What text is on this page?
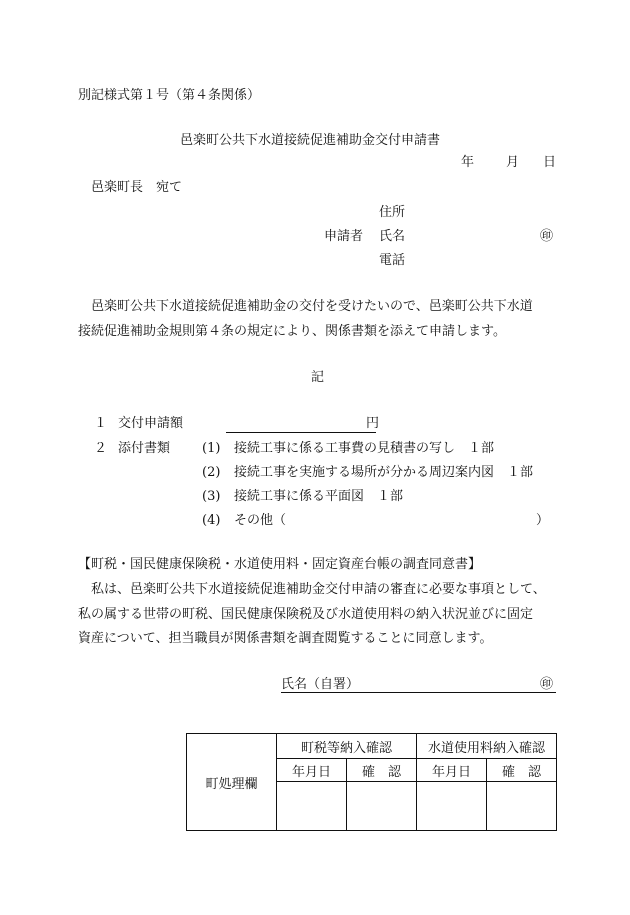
別記様式第１号（第４条関係）
邑楽町公共下水道接続促進補助金交付申請書
年 月 日
邑楽町長　宛て
住所
申請者 氏名	㊞
電話
邑楽町公共下水道接続促進補助金の交付を受けたいので、邑楽町公共下水道
接続促進補助金規則第４条の規定により、関係書類を添えて申請します。
記
１ 交付申請額	円
２ 添付書類 (1) 接続工事に係る工事費の見積書の写し　１部
(2) 接続工事を実施する場所が分かる周辺案内図　１部
(3) 接続工事に係る平面図　１部
(4) その他（	）
【町税・国民健康保険税・水道使用料・固定資産台帳の調査同意書】
私は、邑楽町公共下水道接続促進補助金交付申請の審査に必要な事項として、
私の属する世帯の町税、国民健康保険税及び水道使用料の納入状況並びに固定
資産について、担当職員が関係書類を調査閲覧することに同意します。
氏名（自署）	㊞
町処理欄	町税等納入確認		水道使用料納入確認	
	年月日	確　認	年月日	確　認
